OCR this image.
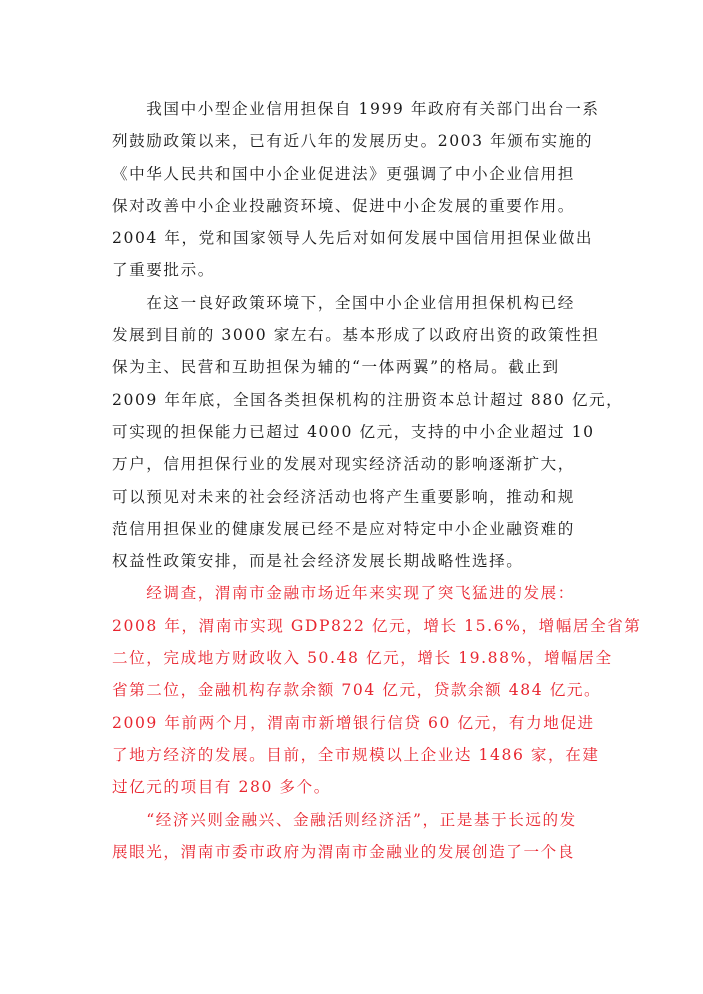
　　我国中小型企业信用担保自 1999 年政府有关部门出台一系
列鼓励政策以来，已有近八年的发展历史。2003 年颁布实施的
《中华人民共和国中小企业促进法》更强调了中小企业信用担
保对改善中小企业投融资环境、促进中小企发展的重要作用。
2004 年，党和国家领导人先后对如何发展中国信用担保业做出
了重要批示。
　　在这一良好政策环境下，全国中小企业信用担保机构已经
发展到目前的 3000 家左右。基本形成了以政府出资的政策性担
保为主、民营和互助担保为辅的“一体两翼”的格局。截止到
2009 年年底，全国各类担保机构的注册资本总计超过 880 亿元，
可实现的担保能力已超过 4000 亿元，支持的中小企业超过 10
万户，信用担保行业的发展对现实经济活动的影响逐渐扩大，
可以预见对未来的社会经济活动也将产生重要影响，推动和规
范信用担保业的健康发展已经不是应对特定中小企业融资难的
权益性政策安排，而是社会经济发展长期战略性选择。
　　经调查，渭南市金融市场近年来实现了突飞猛进的发展：
2008 年，渭南市实现 GDP822 亿元，增长 15.6%，增幅居全省第
二位，完成地方财政收入 50.48 亿元，增长 19.88%，增幅居全
省第二位，金融机构存款余额 704 亿元，贷款余额 484 亿元。
2009 年前两个月，渭南市新增银行信贷 60 亿元，有力地促进
了地方经济的发展。目前，全市规模以上企业达 1486 家，在建
过亿元的项目有 280 多个。
　　“经济兴则金融兴、金融活则经济活”，正是基于长远的发
展眼光，渭南市委市政府为渭南市金融业的发展创造了一个良
